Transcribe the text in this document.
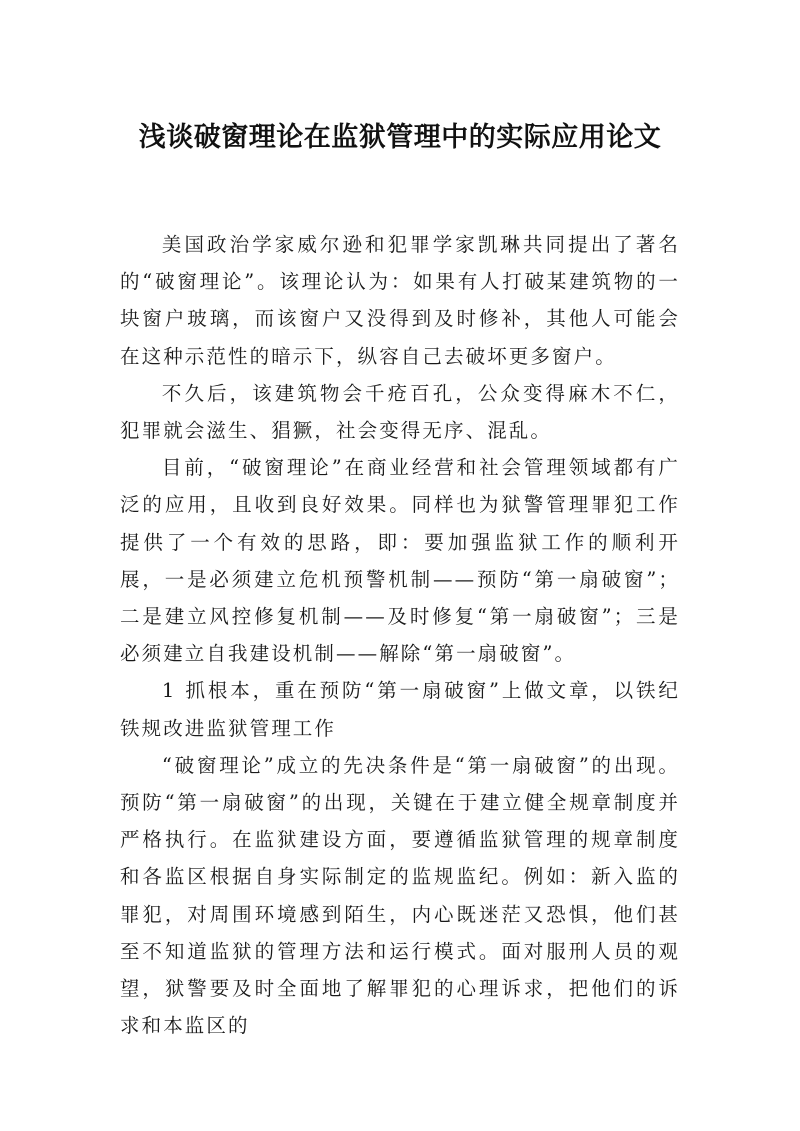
浅谈破窗理论在监狱管理中的实际应用论文

美国政治学家威尔逊和犯罪学家凯琳共同提出了著名的“破窗理论”。该理论认为：如果有人打破某建筑物的一块窗户玻璃，而该窗户又没得到及时修补，其他人可能会在这种示范性的暗示下，纵容自己去破坏更多窗户。

不久后，该建筑物会千疮百孔，公众变得麻木不仁，犯罪就会滋生、猖獗，社会变得无序、混乱。

目前，“破窗理论”在商业经营和社会管理领域都有广泛的应用，且收到良好效果。同样也为狱警管理罪犯工作提供了一个有效的思路，即：要加强监狱工作的顺利开展，一是必须建立危机预警机制——预防“第一扇破窗”；二是建立风控修复机制——及时修复“第一扇破窗”；三是必须建立自我建设机制——解除“第一扇破窗”。

1 抓根本，重在预防“第一扇破窗”上做文章，以铁纪铁规改进监狱管理工作

“破窗理论”成立的先决条件是“第一扇破窗”的出现。预防“第一扇破窗”的出现，关键在于建立健全规章制度并严格执行。在监狱建设方面，要遵循监狱管理的规章制度和各监区根据自身实际制定的监规监纪。例如：新入监的罪犯，对周围环境感到陌生，内心既迷茫又恐惧，他们甚至不知道监狱的管理方法和运行模式。面对服刑人员的观望，狱警要及时全面地了解罪犯的心理诉求，把他们的诉求和本监区的
